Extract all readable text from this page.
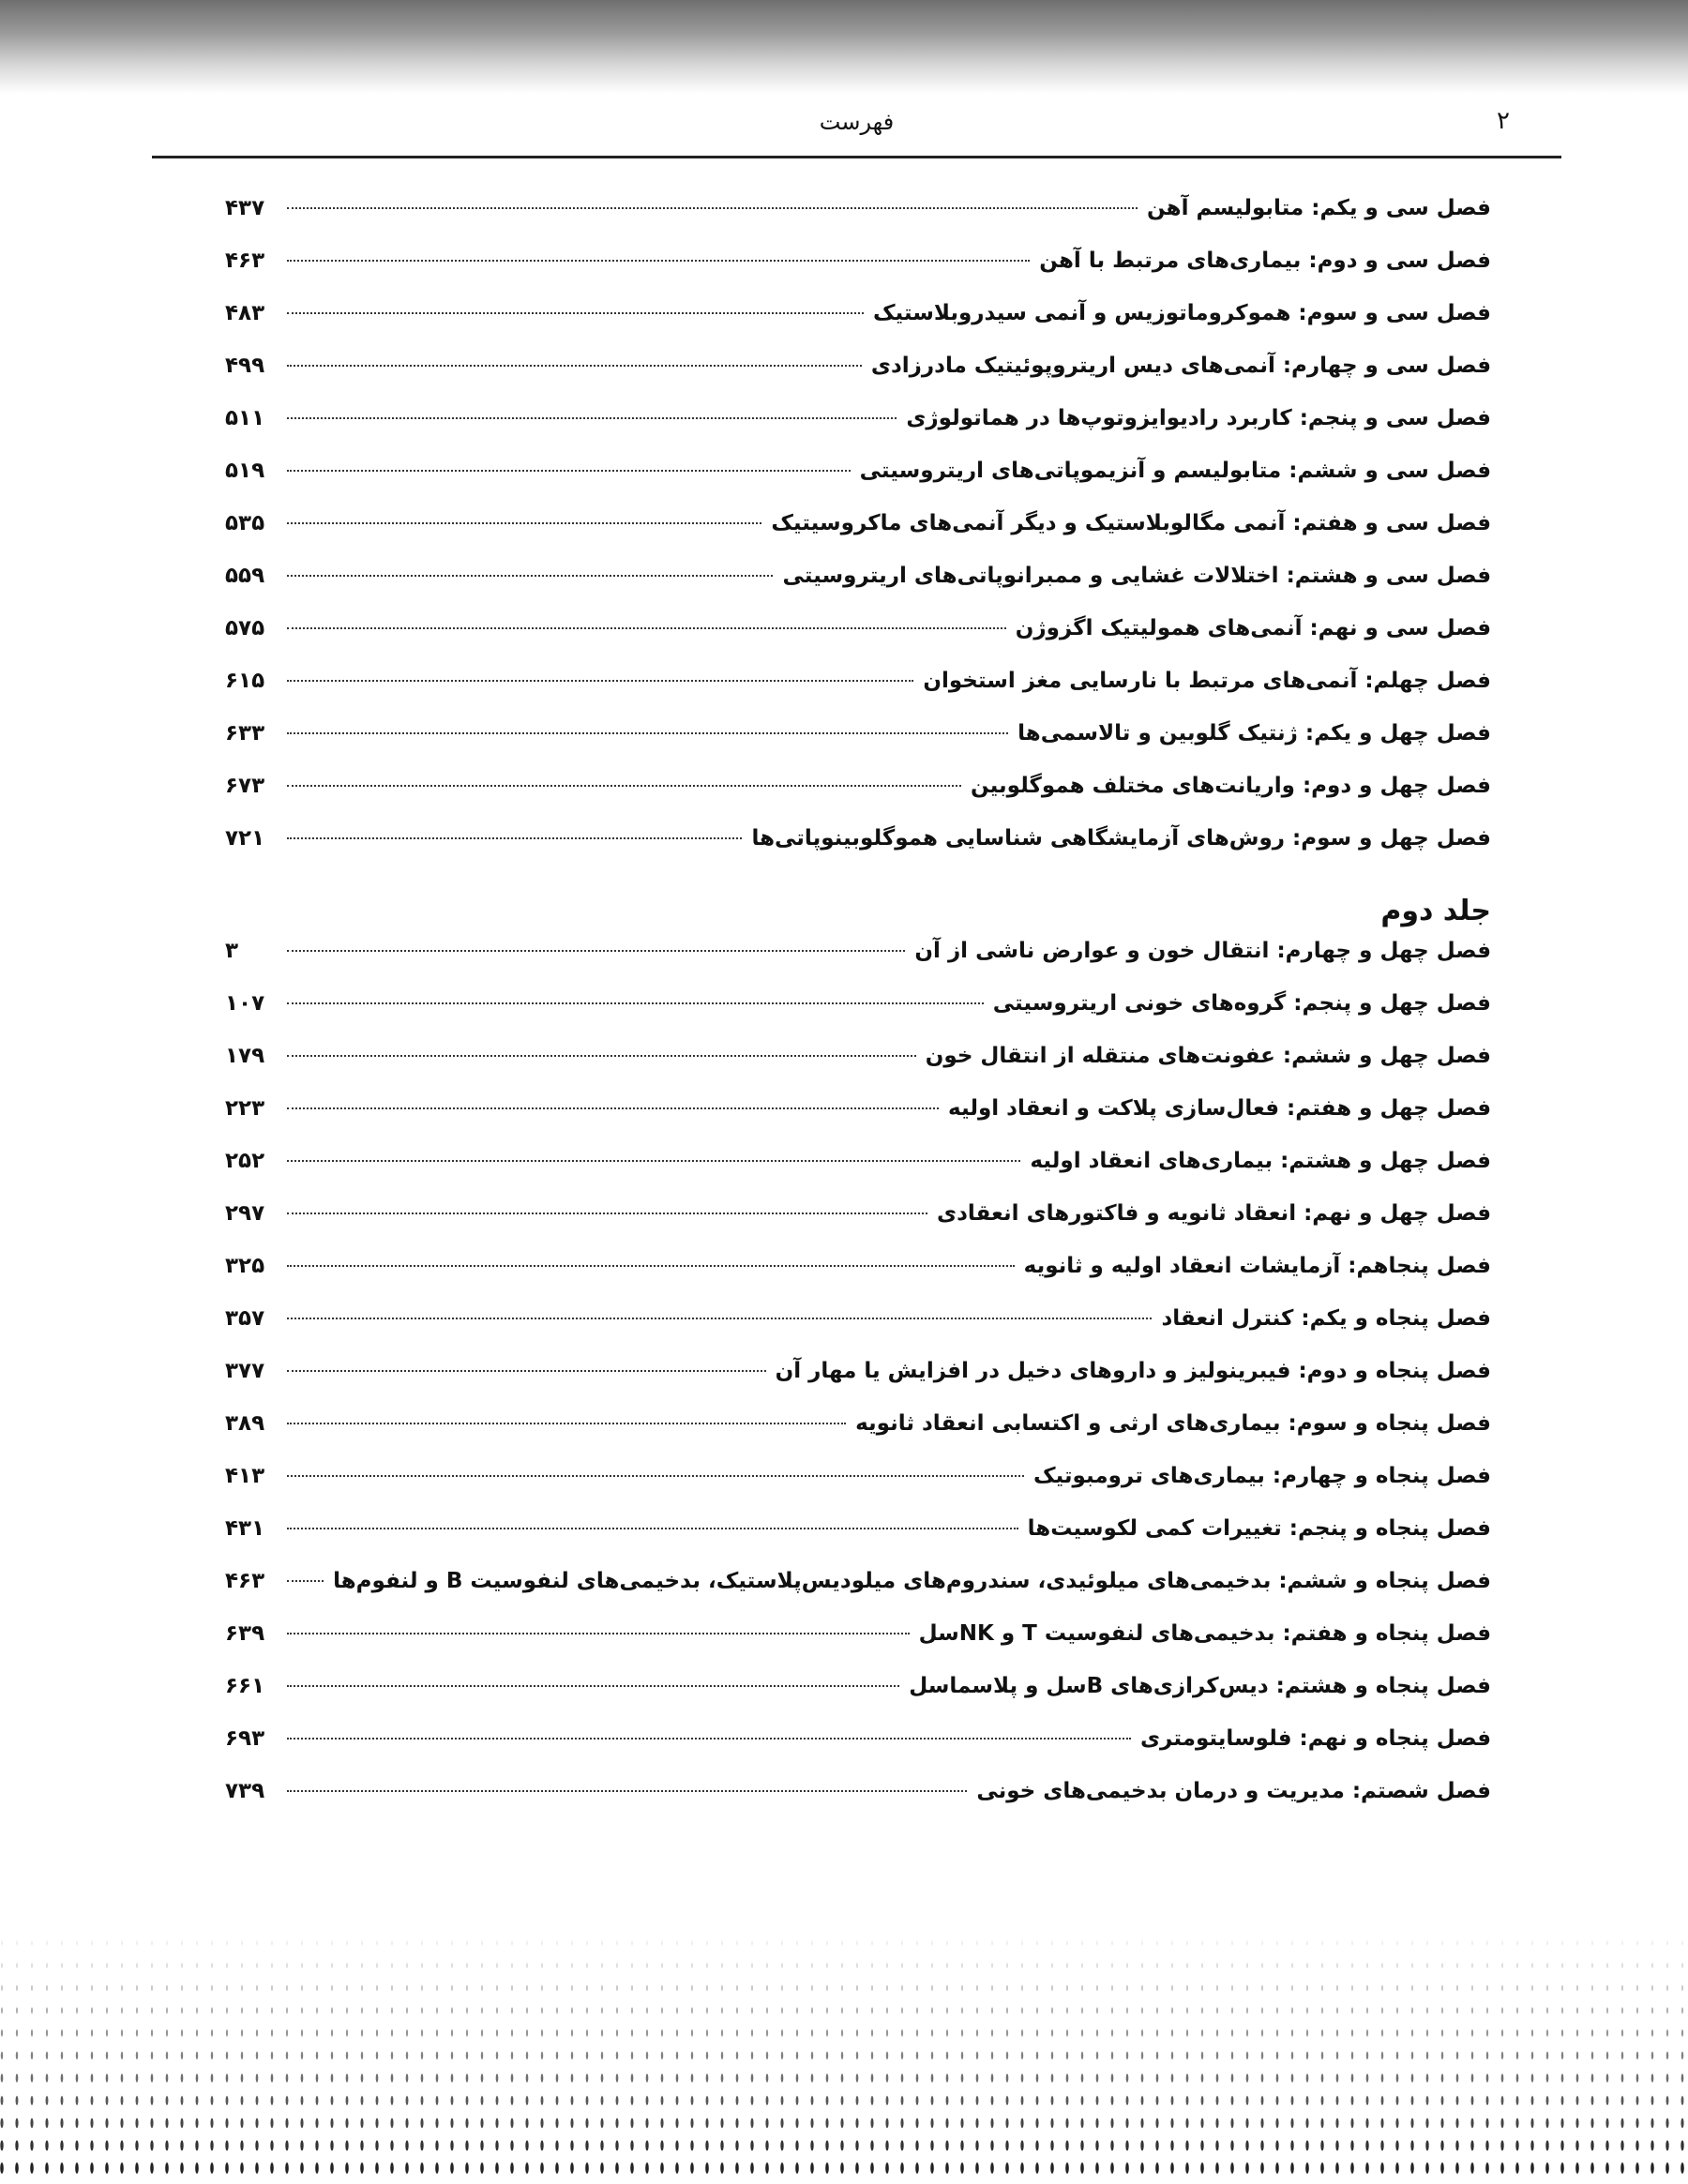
فهرست	۲
فصل سی و یکم: متابولیسم آهن
۴۳۷
فصل سی و دوم: بیماری‌های مرتبط با آهن
۴۶۳
فصل سی و سوم: هموکروماتوزیس و آنمی سیدروبلاستیک
۴۸۳
فصل سی و چهارم: آنمی‌های دیس اریتروپوئیتیک مادرزادی
۴۹۹
فصل سی و پنجم: کاربرد رادیوایزوتوپ‌ها در هماتولوژی
۵۱۱
فصل سی و ششم: متابولیسم و آنزیموپاتی‌های اریتروسیتی
۵۱۹
فصل سی و هفتم: آنمی مگالوبلاستیک و دیگر آنمی‌های ماکروسیتیک
۵۳۵
فصل سی و هشتم: اختلالات غشایی و ممبرانوپاتی‌های اریتروسیتی
۵۵۹
فصل سی و نهم: آنمی‌های همولیتیک اگزوژن
۵۷۵
فصل چهلم: آنمی‌های مرتبط با نارسایی مغز استخوان
۶۱۵
فصل چهل و یکم: ژنتیک گلوبین و تالاسمی‌ها
۶۳۳
فصل چهل و دوم: واریانت‌های مختلف هموگلوبین
۶۷۳
فصل چهل و سوم: روش‌های آزمایشگاهی شناسایی هموگلوبینوپاتی‌ها
۷۲۱
جلد دوم
فصل چهل و چهارم: انتقال خون و عوارض ناشی از آن
۳
فصل چهل و پنجم: گروه‌های خونی اریتروسیتی
۱۰۷
فصل چهل و ششم: عفونت‌های منتقله از انتقال خون
۱۷۹
فصل چهل و هفتم: فعال‌سازی پلاکت و انعقاد اولیه
۲۲۳
فصل چهل و هشتم: بیماری‌های انعقاد اولیه
۲۵۲
فصل چهل و نهم: انعقاد ثانویه و فاکتورهای انعقادی
۲۹۷
فصل پنجاهم: آزمایشات انعقاد اولیه و ثانویه
۳۲۵
فصل پنجاه و یکم: کنترل انعقاد
۳۵۷
فصل پنجاه و دوم: فیبرینولیز و داروهای دخیل در افزایش یا مهار آن
۳۷۷
فصل پنجاه و سوم: بیماری‌های ارثی و اکتسابی انعقاد ثانویه
۳۸۹
فصل پنجاه و چهارم: بیماری‌های ترومبوتیک
۴۱۳
فصل پنجاه و پنجم: تغییرات کمی لکوسیت‌ها
۴۳۱
فصل پنجاه و ششم: بدخیمی‌های میلوئیدی، سندروم‌های میلودیس‌پلاستیک، بدخیمی‌های لنفوسیت B و لنفوم‌ها
۴۶۳
فصل پنجاه و هفتم: بدخیمی‌های لنفوسیت T و NKسل
۶۳۹
فصل پنجاه و هشتم: دیس‌کرازی‌های Bسل و پلاسماسل
۶۶۱
فصل پنجاه و نهم: فلوسایتومتری
۶۹۳
فصل شصتم: مدیریت و درمان بدخیمی‌های خونی
۷۳۹
